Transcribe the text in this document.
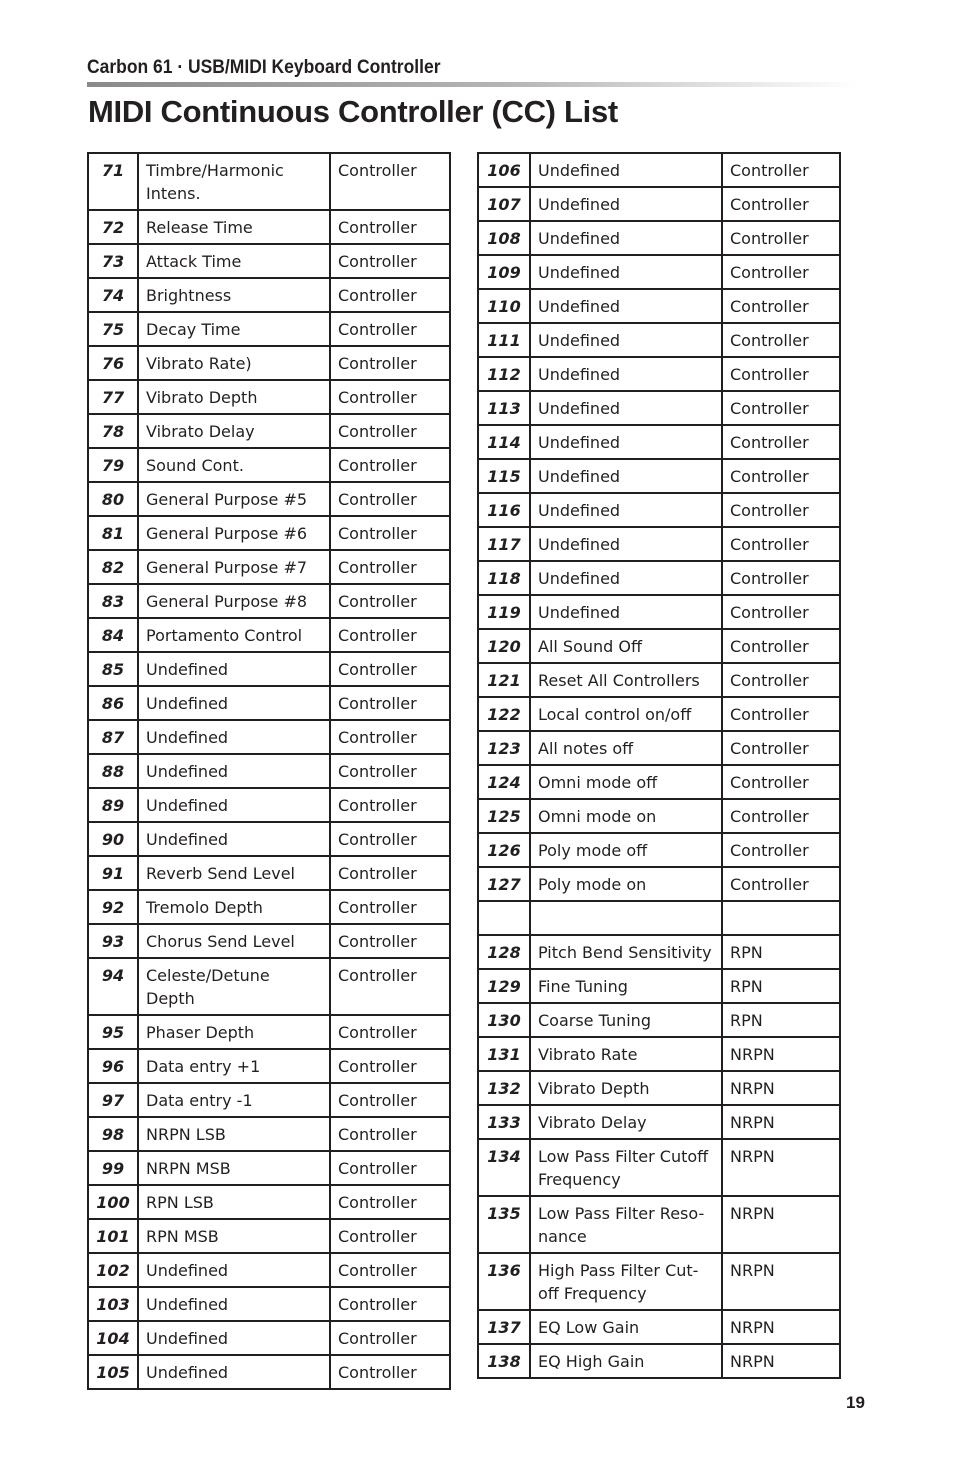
Carbon 61 · USB/MIDI Keyboard Controller
MIDI Continuous Controller (CC) List
71	Timbre/Harmonic Intens.	Controller
72	Release Time	Controller
73	Attack Time	Controller
74	Brightness	Controller
75	Decay Time	Controller
76	Vibrato Rate)	Controller
77	Vibrato Depth	Controller
78	Vibrato Delay	Controller
79	Sound Cont.	Controller
80	General Purpose #5	Controller
81	General Purpose #6	Controller
82	General Purpose #7	Controller
83	General Purpose #8	Controller
84	Portamento Control	Controller
85	Undefined	Controller
86	Undefined	Controller
87	Undefined	Controller
88	Undefined	Controller
89	Undefined	Controller
90	Undefined	Controller
91	Reverb Send Level	Controller
92	Tremolo Depth	Controller
93	Chorus Send Level	Controller
94	Celeste/Detune Depth	Controller
95	Phaser Depth	Controller
96	Data entry +1	Controller
97	Data entry -1	Controller
98	NRPN LSB	Controller
99	NRPN MSB	Controller
100	RPN LSB	Controller
101	RPN MSB	Controller
102	Undefined	Controller
103	Undefined	Controller
104	Undefined	Controller
105	Undefined	Controller
106	Undefined	Controller
107	Undefined	Controller
108	Undefined	Controller
109	Undefined	Controller
110	Undefined	Controller
111	Undefined	Controller
112	Undefined	Controller
113	Undefined	Controller
114	Undefined	Controller
115	Undefined	Controller
116	Undefined	Controller
117	Undefined	Controller
118	Undefined	Controller
119	Undefined	Controller
120	All Sound Off	Controller
121	Reset All Controllers	Controller
122	Local control on/off	Controller
123	All notes off	Controller
124	Omni mode off	Controller
125	Omni mode on	Controller
126	Poly mode off	Controller
127	Poly mode on	Controller

128	Pitch Bend Sensitivity	RPN
129	Fine Tuning	RPN
130	Coarse Tuning	RPN
131	Vibrato Rate	NRPN
132	Vibrato Depth	NRPN
133	Vibrato Delay	NRPN
134	Low Pass Filter Cutoff Frequency	NRPN
135	Low Pass Filter Reso-nance	NRPN
136	High Pass Filter Cut-off Frequency	NRPN
137	EQ Low Gain	NRPN
138	EQ High Gain	NRPN
19
